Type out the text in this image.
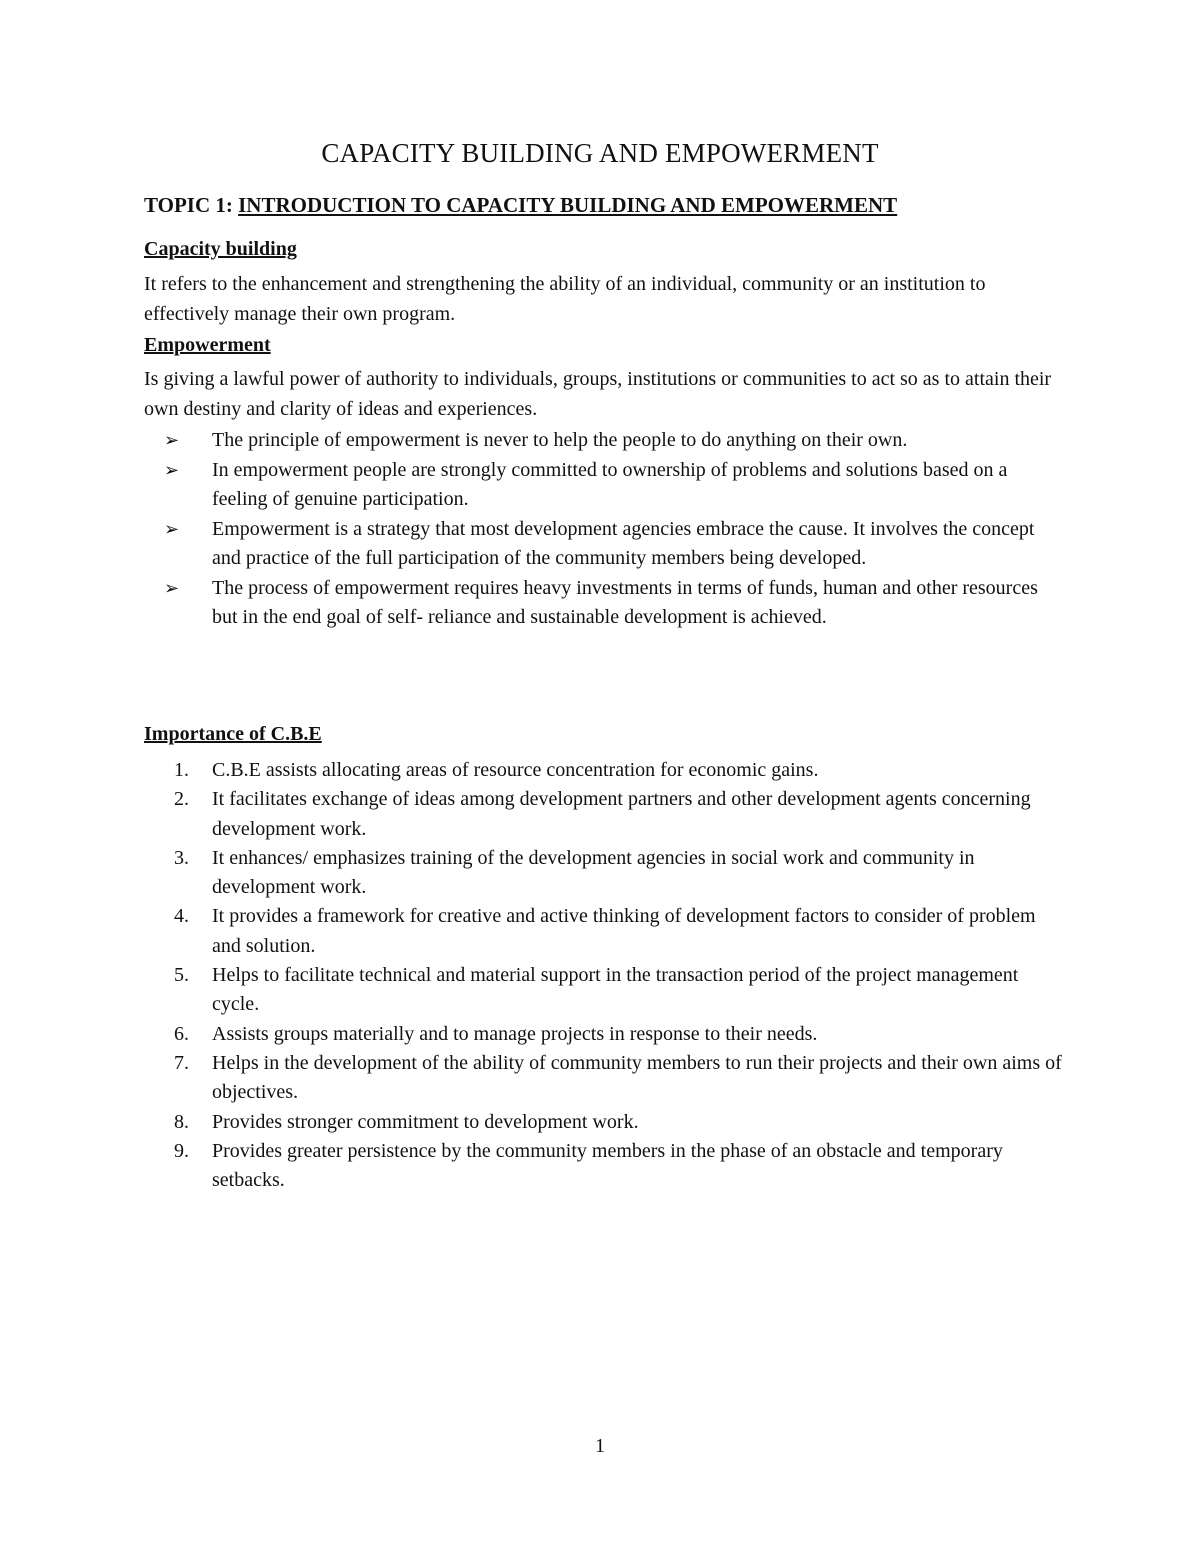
CAPACITY BUILDING AND EMPOWERMENT
TOPIC 1: INTRODUCTION TO CAPACITY BUILDING AND EMPOWERMENT
Capacity building

It refers to the enhancement and strengthening the ability of an individual, community or an institution to effectively manage their own program.

Empowerment

Is giving a lawful power of authority to individuals, groups, institutions or communities to act so as to attain their own destiny and clarity of ideas and experiences.

➢ The principle of empowerment is never to help the people to do anything on their own.
➢ In empowerment people are strongly committed to ownership of problems and solutions based on a feeling of genuine participation.
➢ Empowerment is a strategy that most development agencies embrace the cause. It involves the concept and practice of the full participation of the community members being developed.
➢ The process of empowerment requires heavy investments in terms of funds, human and other resources but in the end goal of self- reliance and sustainable development is achieved.
Importance of C.B.E
1. C.B.E assists allocating areas of resource concentration for economic gains.
2. It facilitates exchange of ideas among development partners and other development agents concerning development work.
3. It enhances/ emphasizes training of the development agencies in social work and community in development work.
4. It provides a framework for creative and active thinking of development factors to consider of problem and solution.
5. Helps to facilitate technical and material support in the transaction period of the project management cycle.
6. Assists groups materially and to manage projects in response to their needs.
7. Helps in the development of the ability of community members to run their projects and their own aims of objectives.
8. Provides stronger commitment to development work.
9. Provides greater persistence by the community members in the phase of an obstacle and temporary setbacks.
1
